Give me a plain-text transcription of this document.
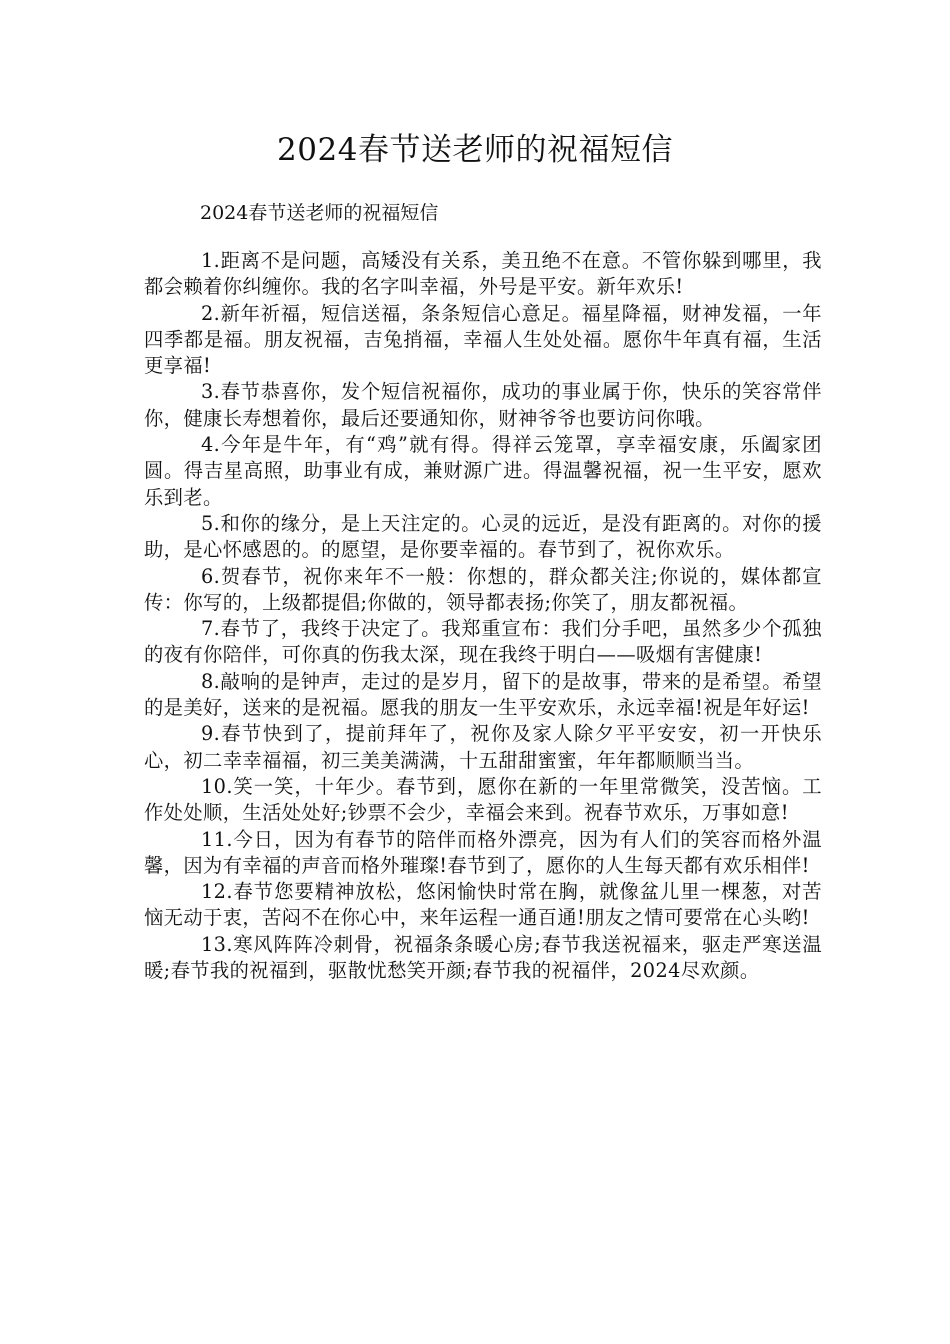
2024春节送老师的祝福短信

2024春节送老师的祝福短信

1.距离不是问题，高矮没有关系，美丑绝不在意。不管你躲到哪里，我都会赖着你纠缠你。我的名字叫幸福，外号是平安。新年欢乐!

2.新年祈福，短信送福，条条短信心意足。福星降福，财神发福，一年四季都是福。朋友祝福，吉兔捎福，幸福人生处处福。愿你牛年真有福，生活更享福!

3.春节恭喜你，发个短信祝福你，成功的事业属于你，快乐的笑容常伴你，健康长寿想着你，最后还要通知你，财神爷爷也要访问你哦。

4.今年是牛年，有“鸡”就有得。得祥云笼罩，享幸福安康，乐阖家团圆。得吉星高照，助事业有成，兼财源广进。得温馨祝福，祝一生平安，愿欢乐到老。

5.和你的缘分，是上天注定的。心灵的远近，是没有距离的。对你的援助，是心怀感恩的。的愿望，是你要幸福的。春节到了，祝你欢乐。

6.贺春节，祝你来年不一般：你想的，群众都关注;你说的，媒体都宣传：你写的，上级都提倡;你做的，领导都表扬;你笑了，朋友都祝福。

7.春节了，我终于决定了。我郑重宣布：我们分手吧，虽然多少个孤独的夜有你陪伴，可你真的伤我太深，现在我终于明白——吸烟有害健康!

8.敲响的是钟声，走过的是岁月，留下的是故事，带来的是希望。希望的是美好，送来的是祝福。愿我的朋友一生平安欢乐，永远幸福!祝是年好运!

9.春节快到了，提前拜年了，祝你及家人除夕平平安安，初一开快乐心，初二幸幸福福，初三美美满满，十五甜甜蜜蜜，年年都顺顺当当。

10.笑一笑，十年少。春节到，愿你在新的一年里常微笑，没苦恼。工作处处顺，生活处处好;钞票不会少，幸福会来到。祝春节欢乐，万事如意!

11.今日，因为有春节的陪伴而格外漂亮，因为有人们的笑容而格外温馨，因为有幸福的声音而格外璀璨!春节到了，愿你的人生每天都有欢乐相伴!

12.春节您要精神放松，悠闲愉快时常在胸，就像盆儿里一棵葱，对苦恼无动于衷，苦闷不在你心中，来年运程一通百通!朋友之情可要常在心头哟!

13.寒风阵阵冷刺骨，祝福条条暖心房;春节我送祝福来，驱走严寒送温暖;春节我的祝福到，驱散忧愁笑开颜;春节我的祝福伴，2024尽欢颜。
